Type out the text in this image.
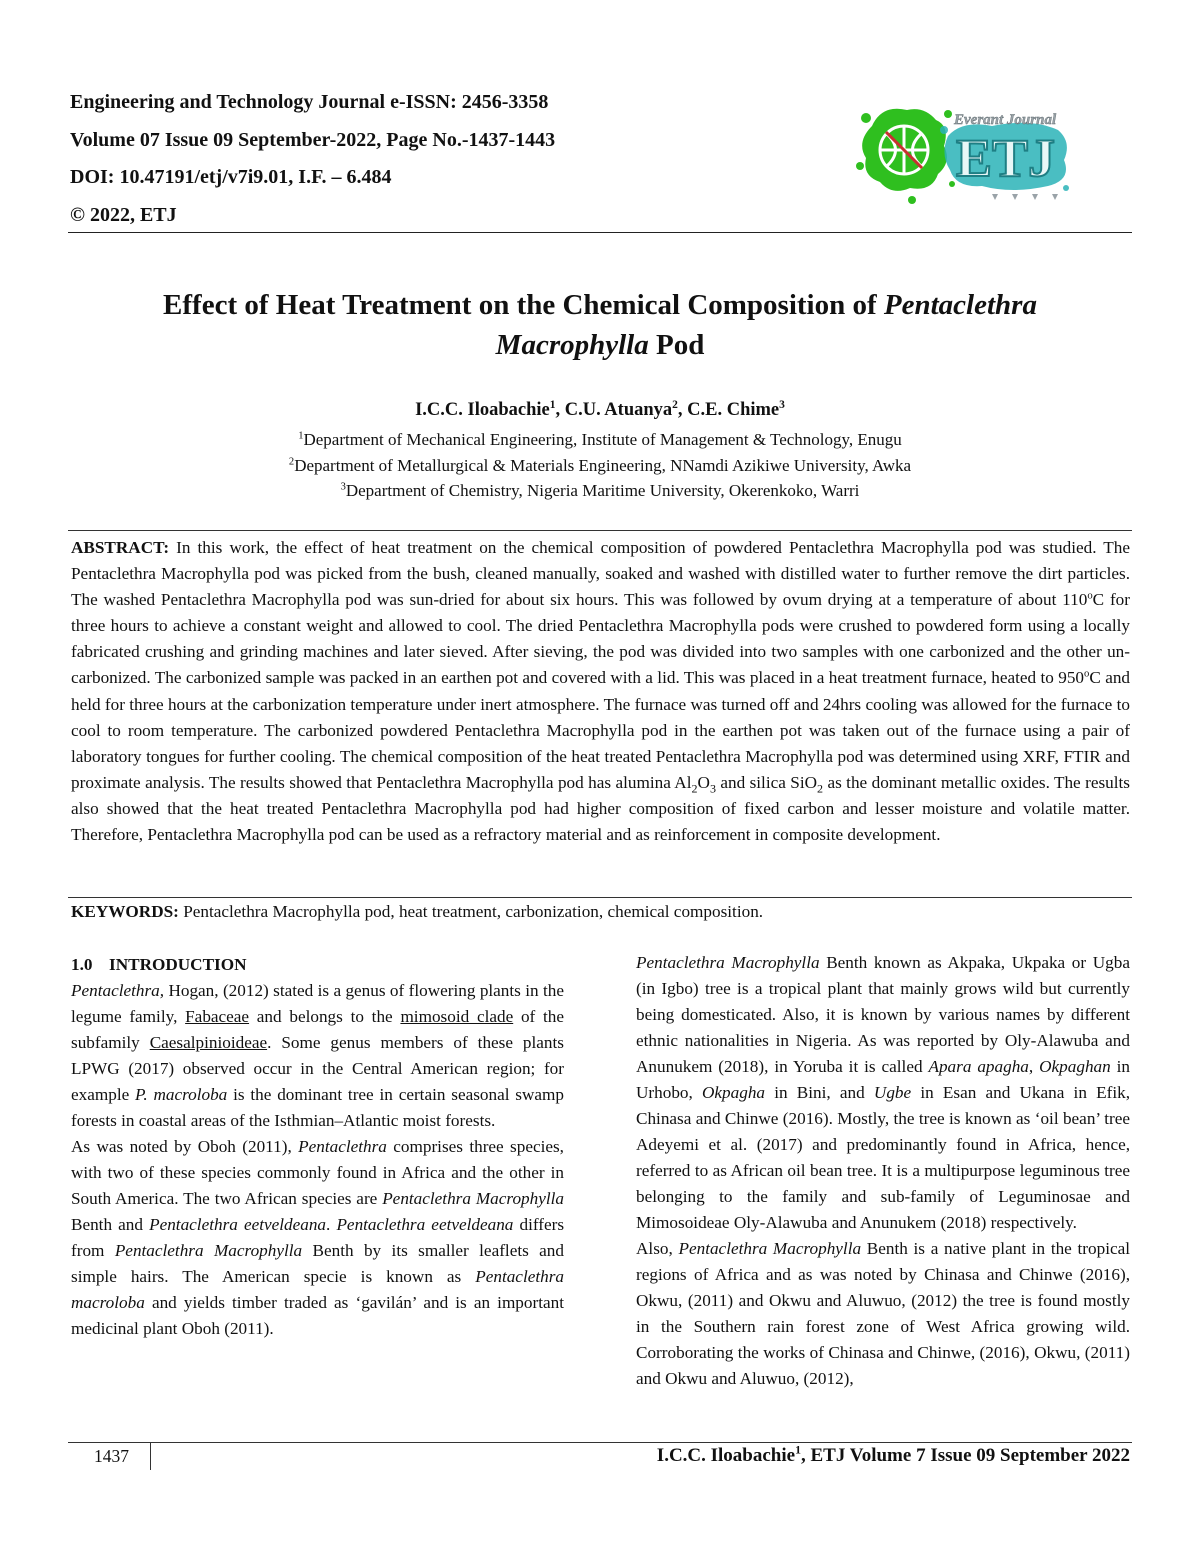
Engineering and Technology Journal e-ISSN: 2456-3358
Volume 07 Issue 09 September-2022, Page No.-1437-1443
DOI: 10.47191/etj/v7i9.01, I.F. – 6.484
© 2022, ETJ
Everant Journal
ETJ
Effect of Heat Treatment on the Chemical Composition of Pentaclethra
Macrophylla Pod
I.C.C. Iloabachie$^1$, C.U. Atuanya$^2$, C.E. Chime$^3$
$^1$Department of Mechanical Engineering, Institute of Management & Technology, Enugu
$^2$Department of Metallurgical & Materials Engineering, NNamdi Azikiwe University, Awka
$^3$Department of Chemistry, Nigeria Maritime University, Okerenkoko, Warri
ABSTRACT: In this work, the effect of heat treatment on the chemical composition of powdered Pentaclethra Macrophylla pod was studied. The Pentaclethra Macrophylla pod was picked from the bush, cleaned manually, soaked and washed with distilled water to further remove the dirt particles. The washed Pentaclethra Macrophylla pod was sun-dried for about six hours. This was followed by ovum drying at a temperature of about 110$^o$C for three hours to achieve a constant weight and allowed to cool. The dried Pentaclethra Macrophylla pods were crushed to powdered form using a locally fabricated crushing and grinding machines and later sieved. After sieving, the pod was divided into two samples with one carbonized and the other un-carbonized. The carbonized sample was packed in an earthen pot and covered with a lid. This was placed in a heat treatment furnace, heated to 950$^o$C and held for three hours at the carbonization temperature under inert atmosphere. The furnace was turned off and 24hrs cooling was allowed for the furnace to cool to room temperature. The carbonized powdered Pentaclethra Macrophylla pod in the earthen pot was taken out of the furnace using a pair of laboratory tongues for further cooling. The chemical composition of the heat treated Pentaclethra Macrophylla pod was determined using XRF, FTIR and proximate analysis. The results showed that Pentaclethra Macrophylla pod has alumina $Al_2O_3$ and silica SiO$_2$ as the dominant metallic oxides. The results also showed that the heat treated Pentaclethra Macrophylla pod had higher composition of fixed carbon and lesser moisture and volatile matter. Therefore, Pentaclethra Macrophylla pod can be used as a refractory material and as reinforcement in composite development.
KEYWORDS: Pentaclethra Macrophylla pod, heat treatment, carbonization, chemical composition.
1.0 INTRODUCTION

Pentaclethra, Hogan, (2012) stated is a genus of flowering plants in the legume family, Fabaceae and belongs to the mimosoid clade of the subfamily Caesalpinioideae. Some genus members of these plants LPWG (2017) observed occur in the Central American region; for example P. macroloba is the dominant tree in certain seasonal swamp forests in coastal areas of the Isthmian–Atlantic moist forests.

As was noted by Oboh (2011), Pentaclethra comprises three species, with two of these species commonly found in Africa and the other in South America. The two African species are Pentaclethra Macrophylla Benth and Pentaclethra eetveldeana. Pentaclethra eetveldeana differs from Pentaclethra Macrophylla Benth by its smaller leaflets and simple hairs. The American specie is known as Pentaclethra macroloba and yields timber traded as ‘gavilán’ and is an important medicinal plant Oboh (2011).

Pentaclethra Macrophylla Benth known as Akpaka, Ukpaka or Ugba (in Igbo) tree is a tropical plant that mainly grows wild but currently being domesticated. Also, it is known by various names by different ethnic nationalities in Nigeria. As was reported by Oly-Alawuba and Anunukem (2018), in Yoruba it is called Apara apagha, Okpaghan in Urhobo, Okpagha in Bini, and Ugbe in Esan and Ukana in Efik, Chinasa and Chinwe (2016). Mostly, the tree is known as ‘oil bean’ tree Adeyemi et al. (2017) and predominantly found in Africa, hence, referred to as African oil bean tree. It is a multipurpose leguminous tree belonging to the family and sub-family of Leguminosae and Mimosoideae Oly-Alawuba and Anunukem (2018) respectively.

Also, Pentaclethra Macrophylla Benth is a native plant in the tropical regions of Africa and as was noted by Chinasa and Chinwe (2016), Okwu, (2011) and Okwu and Aluwuo, (2012) the tree is found mostly in the Southern rain forest zone of West Africa growing wild. Corroborating the works of Chinasa and Chinwe, (2016), Okwu, (2011) and Okwu and Aluwuo, (2012),

1437	I.C.C. Iloabachie$^1$, ETJ Volume 7 Issue 09 September 2022
